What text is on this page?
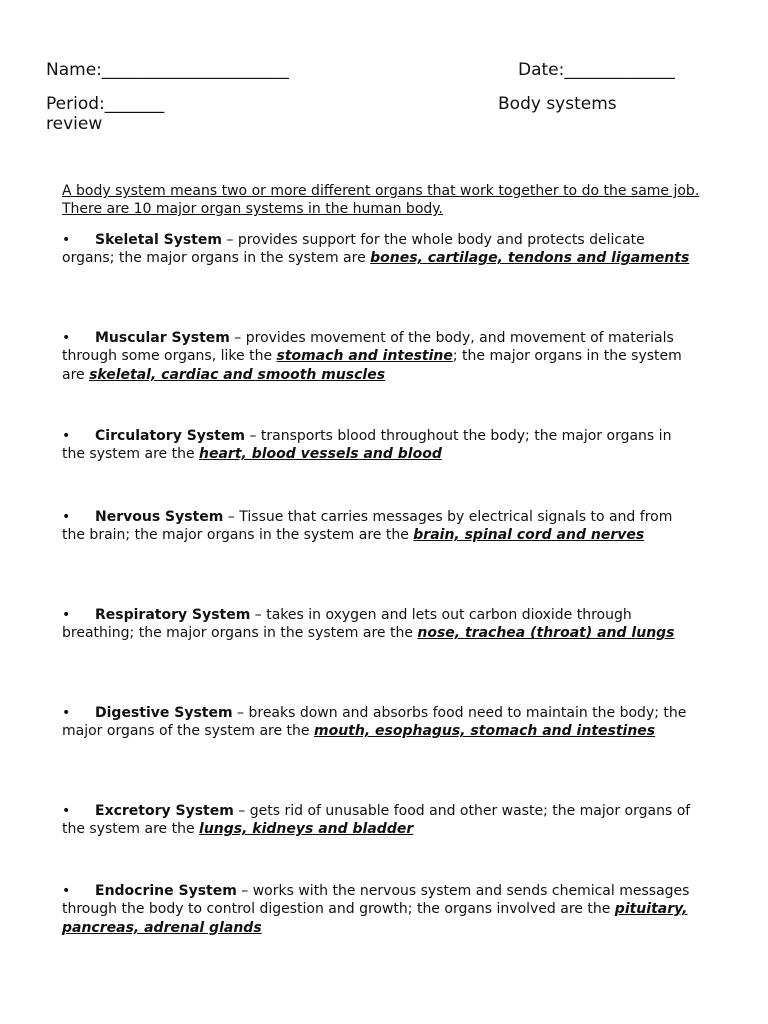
Name:______________________	Date:_____________
Period:_______	Body systems
review
A body system means two or more different organs that work together to do the same job. There are 10 major organ systems in the human body.
• Skeletal System – provides support for the whole body and protects delicate organs; the major organs in the system are bones, cartilage, tendons and ligaments
• Muscular System – provides movement of the body, and movement of materials through some organs, like the stomach and intestine; the major organs in the system are skeletal, cardiac and smooth muscles
• Circulatory System – transports blood throughout the body; the major organs in the system are the heart, blood vessels and blood
• Nervous System – Tissue that carries messages by electrical signals to and from the brain; the major organs in the system are the brain, spinal cord and nerves
• Respiratory System – takes in oxygen and lets out carbon dioxide through breathing; the major organs in the system are the nose, trachea (throat) and lungs
• Digestive System – breaks down and absorbs food need to maintain the body; the major organs of the system are the mouth, esophagus, stomach and intestines
• Excretory System – gets rid of unusable food and other waste; the major organs of the system are the lungs, kidneys and bladder
• Endocrine System – works with the nervous system and sends chemical messages through the body to control digestion and growth; the organs involved are the pituitary, pancreas, adrenal glands
